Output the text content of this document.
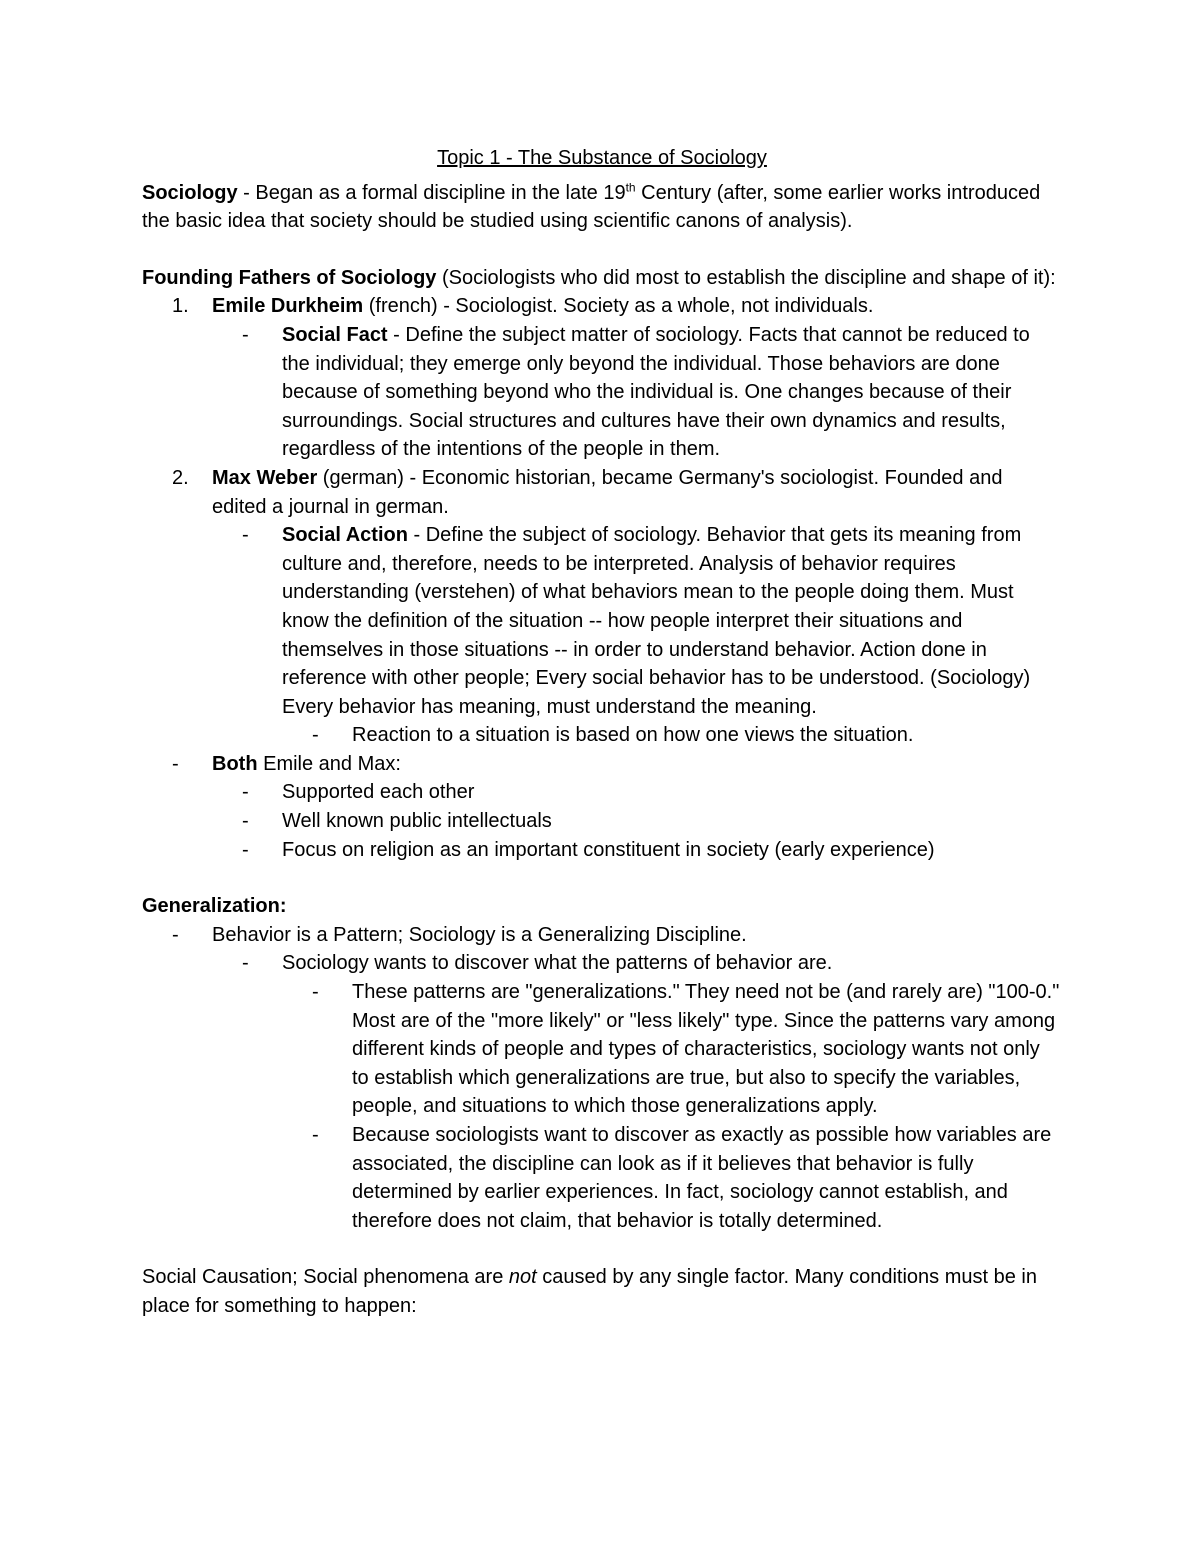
Topic 1 - The Substance of Sociology

Sociology - Began as a formal discipline in the late 19th Century (after, some earlier works introduced the basic idea that society should be studied using scientific canons of analysis).

Founding Fathers of Sociology (Sociologists who did most to establish the discipline and shape of it):

1.	Emile Durkheim (french) - Sociologist. Society as a whole, not individuals.
-	Social Fact - Define the subject matter of sociology. Facts that cannot be reduced to the individual; they emerge only beyond the individual. Those behaviors are done because of something beyond who the individual is. One changes because of their surroundings. Social structures and cultures have their own dynamics and results, regardless of the intentions of the people in them.
2.	Max Weber (german) - Economic historian, became Germany's sociologist. Founded and edited a journal in german.
-	Social Action - Define the subject of sociology. Behavior that gets its meaning from culture and, therefore, needs to be interpreted. Analysis of behavior requires understanding (verstehen) of what behaviors mean to the people doing them. Must know the definition of the situation -- how people interpret their situations and themselves in those situations -- in order to understand behavior. Action done in reference with other people; Every social behavior has to be understood. (Sociology) Every behavior has meaning, must understand the meaning.
-	Reaction to a situation is based on how one views the situation.
-	Both Emile and Max:
-	Supported each other
-	Well known public intellectuals
-	Focus on religion as an important constituent in society (early experience)

Generalization:

-	Behavior is a Pattern; Sociology is a Generalizing Discipline.
-	Sociology wants to discover what the patterns of behavior are.
-	These patterns are "generalizations." They need not be (and rarely are) "100-0." Most are of the "more likely" or "less likely" type. Since the patterns vary among different kinds of people and types of characteristics, sociology wants not only to establish which generalizations are true, but also to specify the variables, people, and situations to which those generalizations apply.
-	Because sociologists want to discover as exactly as possible how variables are associated, the discipline can look as if it believes that behavior is fully determined by earlier experiences. In fact, sociology cannot establish, and therefore does not claim, that behavior is totally determined.

Social Causation; Social phenomena are not caused by any single factor. Many conditions must be in place for something to happen:
